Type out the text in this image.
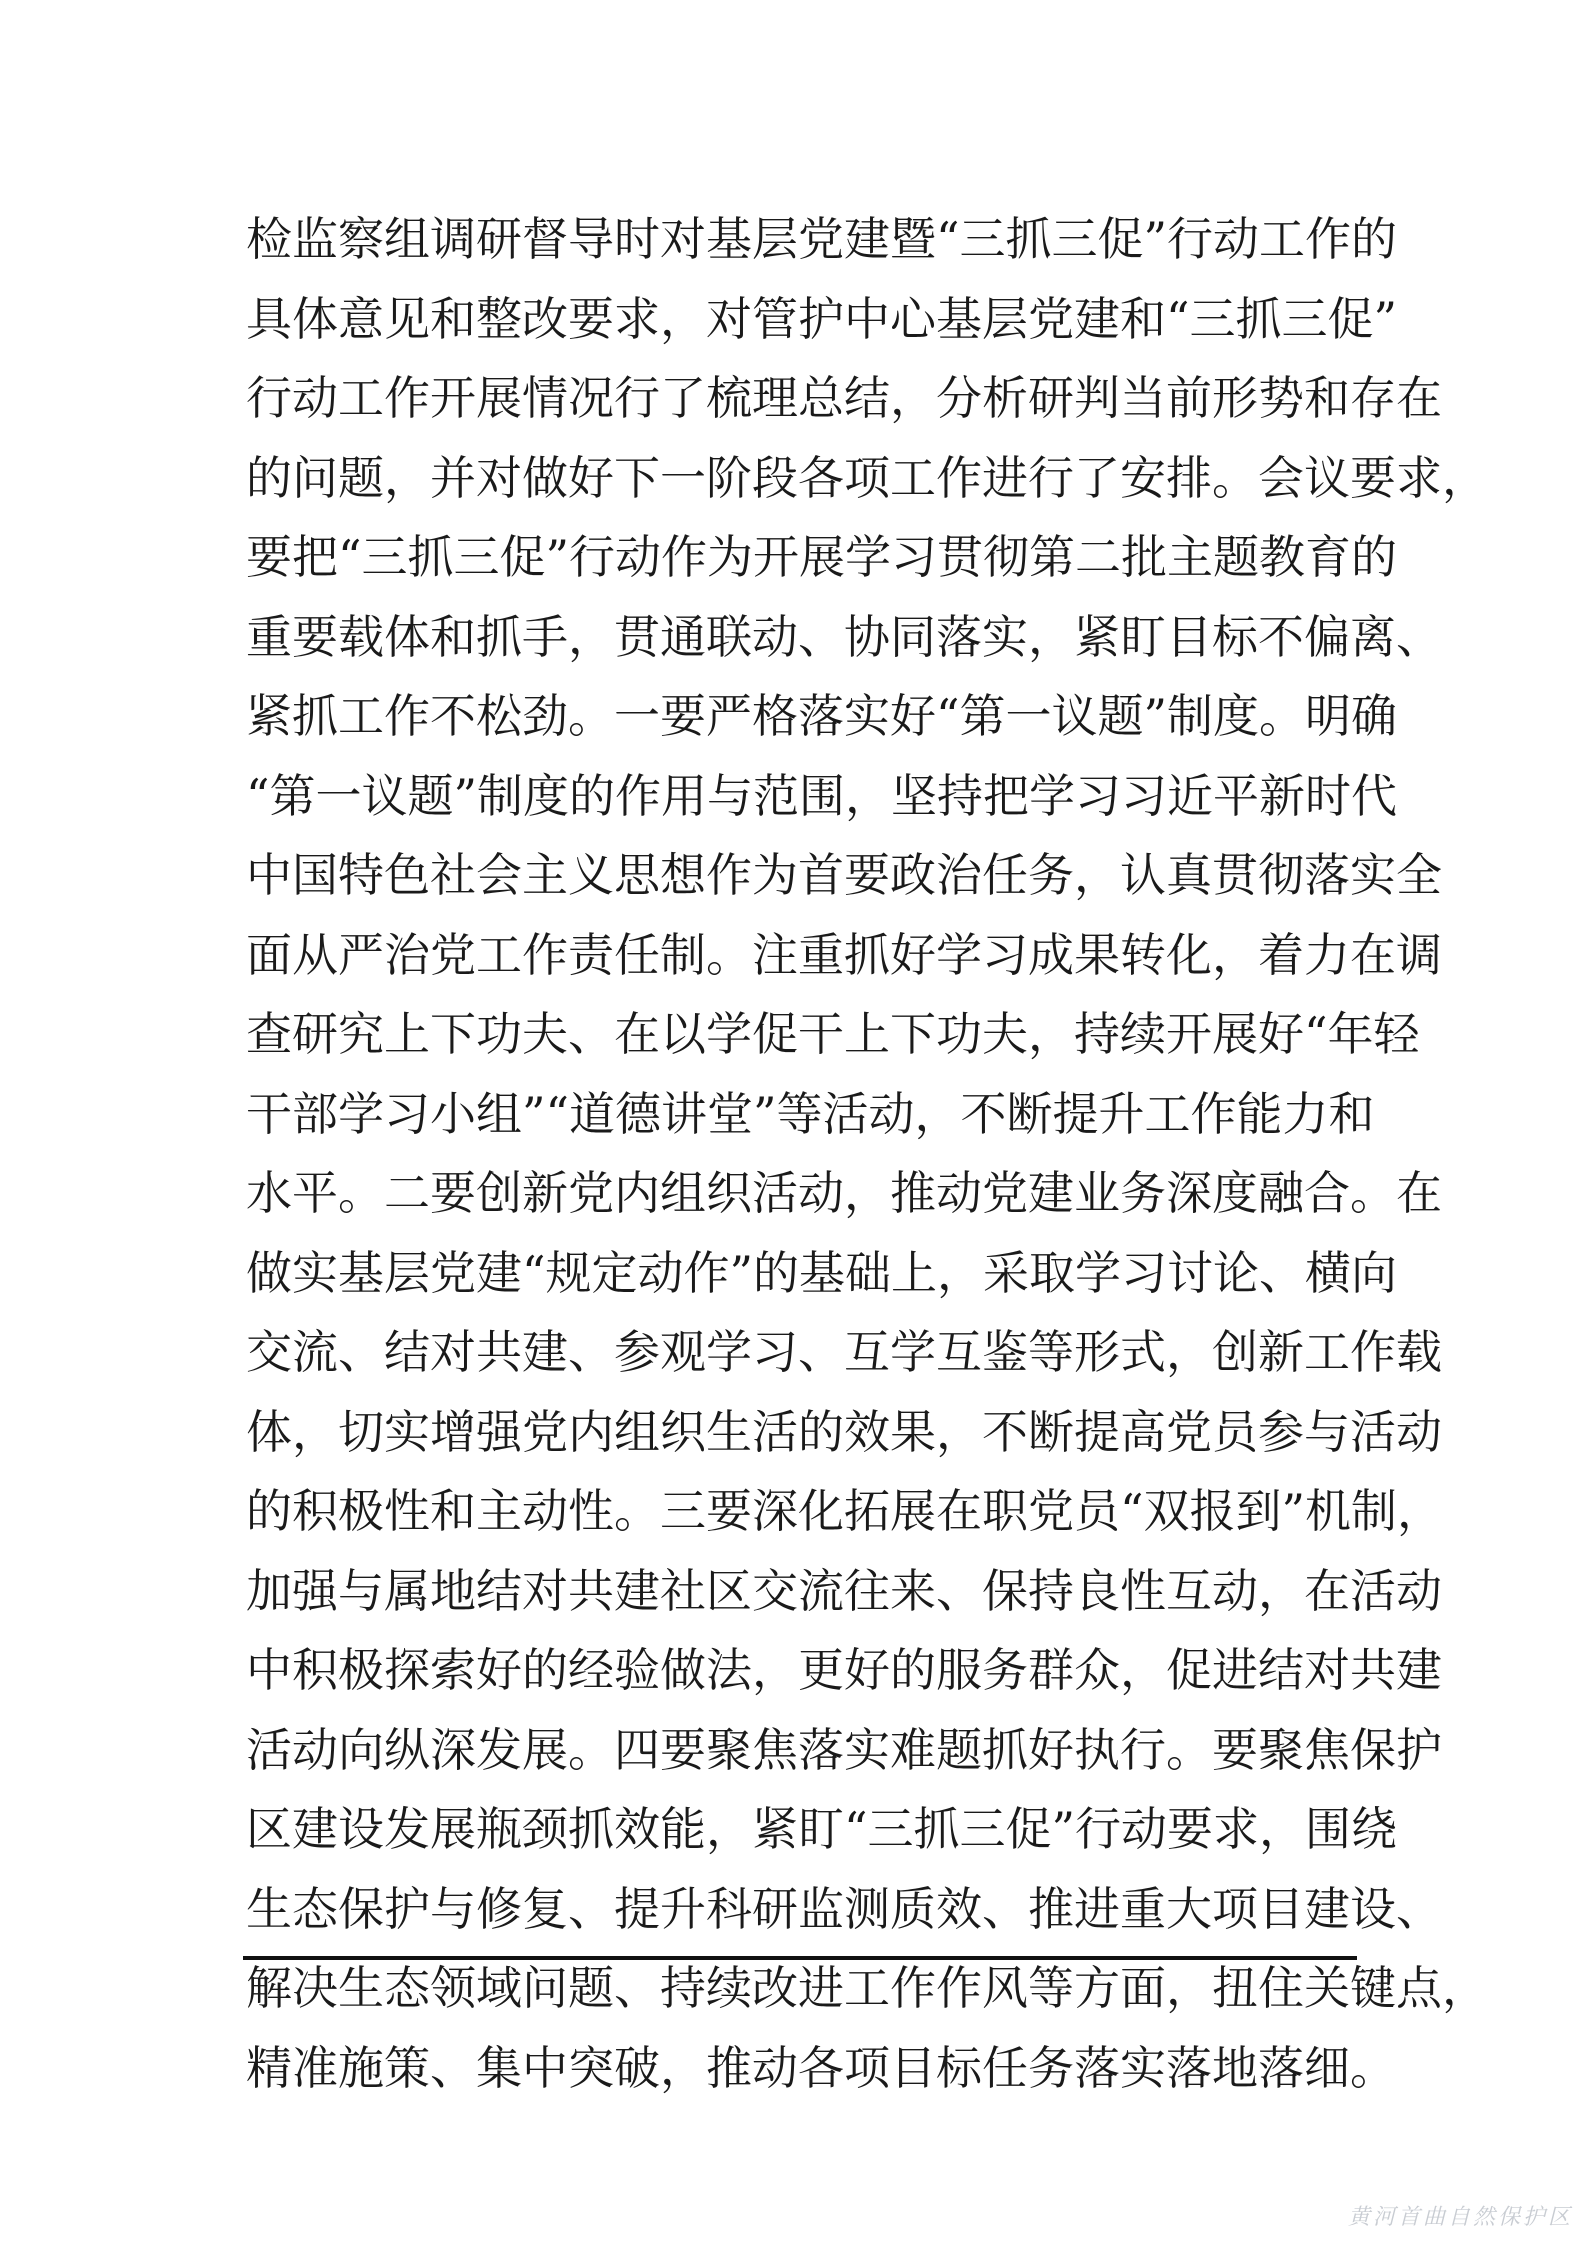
检监察组调研督导时对基层党建暨“三抓三促”行动工作的
具体意见和整改要求，对管护中心基层党建和“三抓三促”
行动工作开展情况行了梳理总结，分析研判当前形势和存在
的问题，并对做好下一阶段各项工作进行了安排。会议要求，
要把“三抓三促”行动作为开展学习贯彻第二批主题教育的
重要载体和抓手，贯通联动、协同落实，紧盯目标不偏离、
紧抓工作不松劲。一要严格落实好“第一议题”制度。明确
“第一议题”制度的作用与范围，坚持把学习习近平新时代
中国特色社会主义思想作为首要政治任务，认真贯彻落实全
面从严治党工作责任制。注重抓好学习成果转化，着力在调
查研究上下功夫、在以学促干上下功夫，持续开展好“年轻
干部学习小组”“道德讲堂”等活动，不断提升工作能力和
水平。二要创新党内组织活动，推动党建业务深度融合。在
做实基层党建“规定动作”的基础上，采取学习讨论、横向
交流、结对共建、参观学习、互学互鉴等形式，创新工作载
体，切实增强党内组织生活的效果，不断提高党员参与活动
的积极性和主动性。三要深化拓展在职党员“双报到”机制，
加强与属地结对共建社区交流往来、保持良性互动，在活动
中积极探索好的经验做法，更好的服务群众，促进结对共建
活动向纵深发展。四要聚焦落实难题抓好执行。要聚焦保护
区建设发展瓶颈抓效能，紧盯“三抓三促”行动要求，围绕
生态保护与修复、提升科研监测质效、推进重大项目建设、
解决生态领域问题、持续改进工作作风等方面，扭住关键点，
精准施策、集中突破，推动各项目标任务落实落地落细。
黄河首曲自然保护区
